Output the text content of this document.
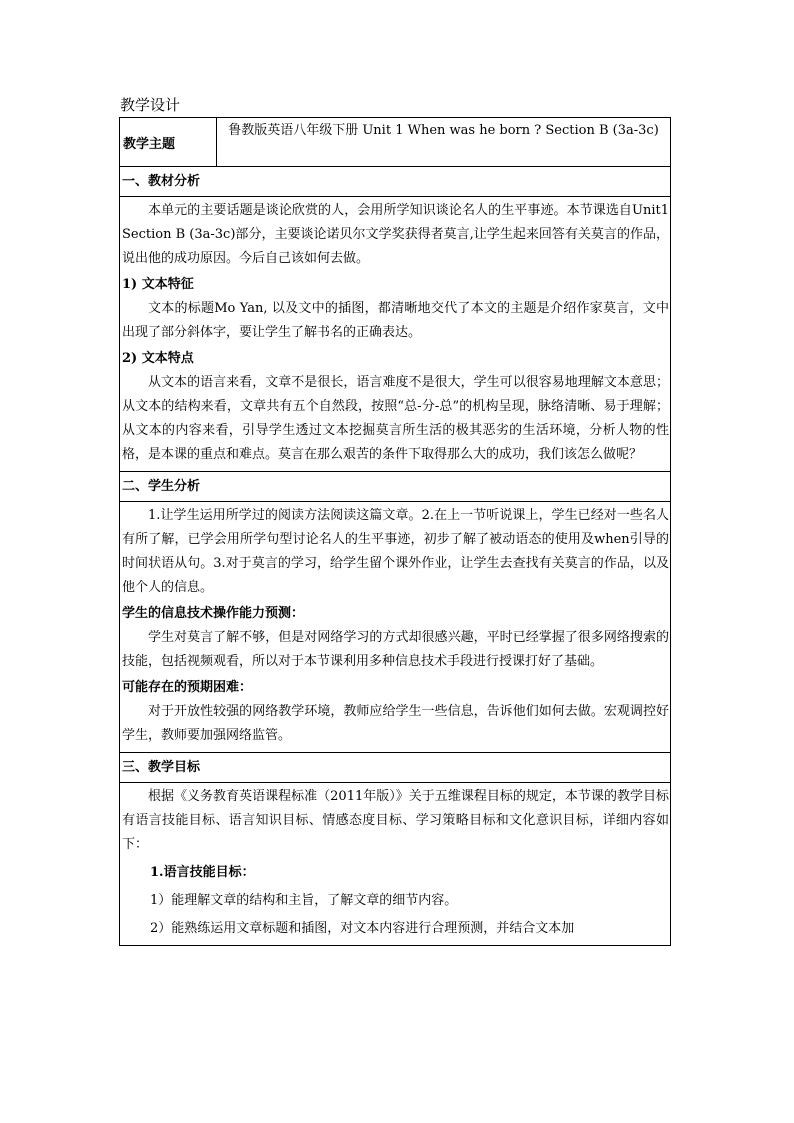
教学设计
教学主题	鲁教版英语八年级下册 Unit 1 When was he born ? Section B (3a-3c)
一、教材分析

本单元的主要话题是谈论欣赏的人，会用所学知识谈论名人的生平事迹。本节课选自Unit1 Section B (3a-3c)部分，主要谈论诺贝尔文学奖获得者莫言,让学生起来回答有关莫言的作品，说出他的成功原因。今后自己该如何去做。

1) 文本特征

文本的标题Mo Yan, 以及文中的插图，都清晰地交代了本文的主题是介绍作家莫言，文中出现了部分斜体字，要让学生了解书名的正确表达。

2) 文本特点

从文本的语言来看，文章不是很长，语言难度不是很大，学生可以很容易地理解文本意思；从文本的结构来看，文章共有五个自然段，按照“总-分-总”的机构呈现，脉络清晰、易于理解；从文本的内容来看，引导学生透过文本挖掘莫言所生活的极其恶劣的生活环境，分析人物的性格，是本课的重点和难点。莫言在那么艰苦的条件下取得那么大的成功，我们该怎么做呢？

二、学生分析

1.让学生运用所学过的阅读方法阅读这篇文章。2.在上一节听说课上，学生已经对一些名人有所了解，已学会用所学句型讨论名人的生平事迹，初步了解了被动语态的使用及when引导的时间状语从句。3.对于莫言的学习，给学生留个课外作业，让学生去查找有关莫言的作品，以及他个人的信息。

学生的信息技术操作能力预测：

学生对莫言了解不够，但是对网络学习的方式却很感兴趣，平时已经掌握了很多网络搜索的技能，包括视频观看，所以对于本节课利用多种信息技术手段进行授课打好了基础。

可能存在的预期困难：

对于开放性较强的网络教学环境，教师应给学生一些信息，告诉他们如何去做。宏观调控好学生，教师要加强网络监管。

三、教学目标

根据《义务教育英语课程标准（2011年版）》关于五维课程目标的规定，本节课的教学目标有语言技能目标、语言知识目标、情感态度目标、学习策略目标和文化意识目标，详细内容如下：

1.语言技能目标：

1）能理解文章的结构和主旨，了解文章的细节内容。

2）能熟练运用文章标题和插图，对文本内容进行合理预测，并结合文本加
